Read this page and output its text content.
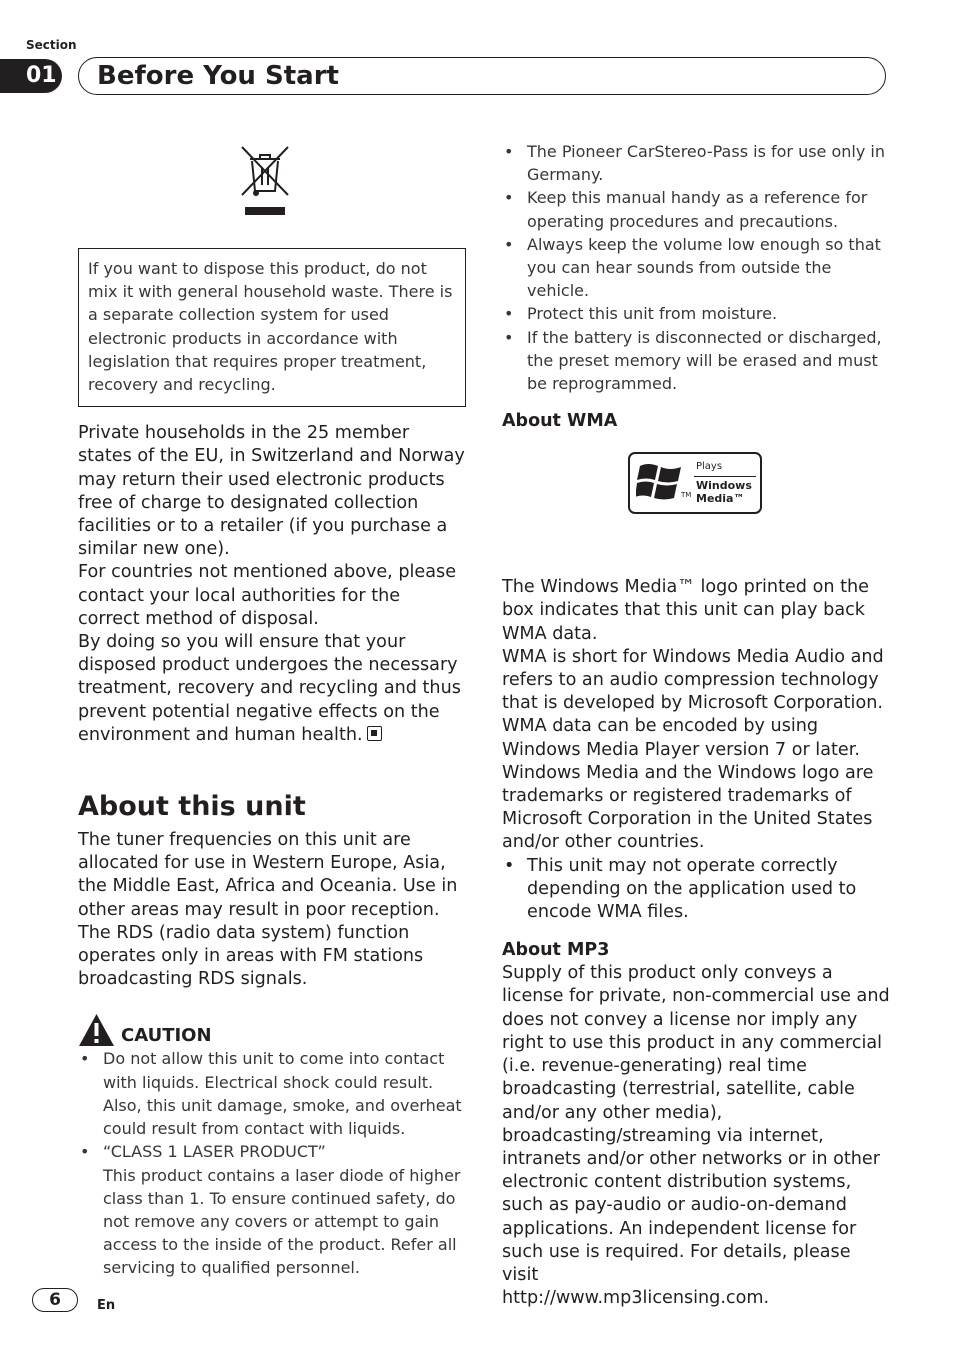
Section
01 Before You Start
If you want to dispose this product, do not mix it with general household waste. There is a separate collection system for used electronic products in accordance with legislation that requires proper treatment, recovery and recycling.

Private households in the 25 member states of the EU, in Switzerland and Norway may return their used electronic products free of charge to designated collection facilities or to a retailer (if you purchase a similar new one).

For countries not mentioned above, please contact your local authorities for the correct method of disposal.

By doing so you will ensure that your disposed product undergoes the necessary treatment, recovery and recycling and thus prevent potential negative effects on the environment and human health.

About this unit

The tuner frequencies on this unit are allocated for use in Western Europe, Asia, the Middle East, Africa and Oceania. Use in other areas may result in poor reception. The RDS (radio data system) function operates only in areas with FM stations broadcasting RDS signals.

CAUTION
• Do not allow this unit to come into contact with liquids. Electrical shock could result. Also, this unit damage, smoke, and overheat could result from contact with liquids.
• “CLASS 1 LASER PRODUCT”
This product contains a laser diode of higher class than 1. To ensure continued safety, do not remove any covers or attempt to gain access to the inside of the product. Refer all servicing to qualified personnel.
• The Pioneer CarStereo-Pass is for use only in Germany.
• Keep this manual handy as a reference for operating procedures and precautions.
• Always keep the volume low enough so that you can hear sounds from outside the vehicle.
• Protect this unit from moisture.
• If the battery is disconnected or discharged, the preset memory will be erased and must be reprogrammed.
About WMA
TM
Plays
Windows
Media™

The Windows Media™ logo printed on the box indicates that this unit can play back WMA data.

WMA is short for Windows Media Audio and refers to an audio compression technology that is developed by Microsoft Corporation. WMA data can be encoded by using Windows Media Player version 7 or later.

Windows Media and the Windows logo are trademarks or registered trademarks of Microsoft Corporation in the United States and/or other countries.

• This unit may not operate correctly depending on the application used to encode WMA files.
About MP3

Supply of this product only conveys a license for private, non-commercial use and does not convey a license nor imply any right to use this product in any commercial (i.e. revenue-generating) real time broadcasting (terrestrial, satellite, cable and/or any other media), broadcasting/streaming via internet, intranets and/or other networks or in other electronic content distribution systems, such as pay-audio or audio-on-demand applications. An independent license for such use is required. For details, please visit

http://www.mp3licensing.com.

6	En
